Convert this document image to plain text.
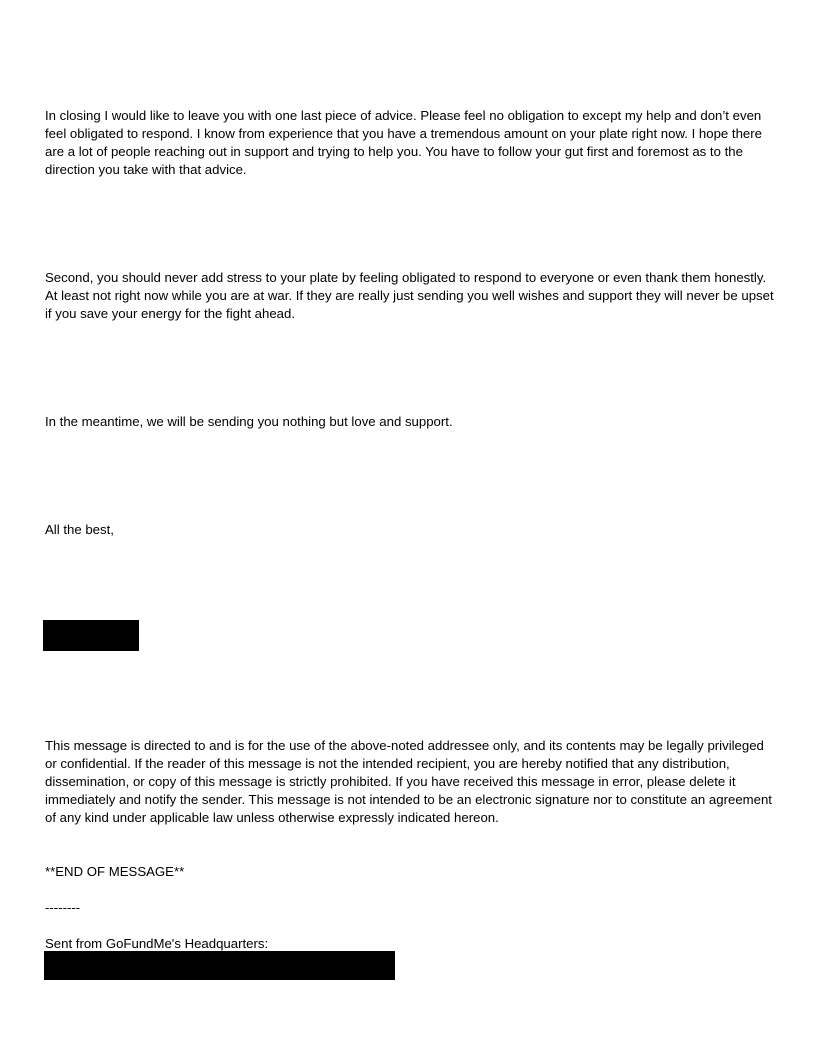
In closing I would like to leave you with one last piece of advice. Please feel no obligation to except my help and don’t even feel obligated to respond. I know from experience that you have a tremendous amount on your plate right now. I hope there are a lot of people reaching out in support and trying to help you. You have to follow your gut first and foremost as to the direction you take with that advice.

Second, you should never add stress to your plate by feeling obligated to respond to everyone or even thank them honestly. At least not right now while you are at war. If they are really just sending you well wishes and support they will never be upset if you save your energy for the fight ahead.

In the meantime, we will be sending you nothing but love and support.

All the best,

This message is directed to and is for the use of the above-noted addressee only, and its contents may be legally privileged or confidential. If the reader of this message is not the intended recipient, you are hereby notified that any distribution, dissemination, or copy of this message is strictly prohibited. If you have received this message in error, please delete it immediately and notify the sender. This message is not intended to be an electronic signature nor to constitute an agreement of any kind under applicable law unless otherwise expressly indicated hereon.

**END OF MESSAGE**

--------

Sent from GoFundMe's Headquarters:
